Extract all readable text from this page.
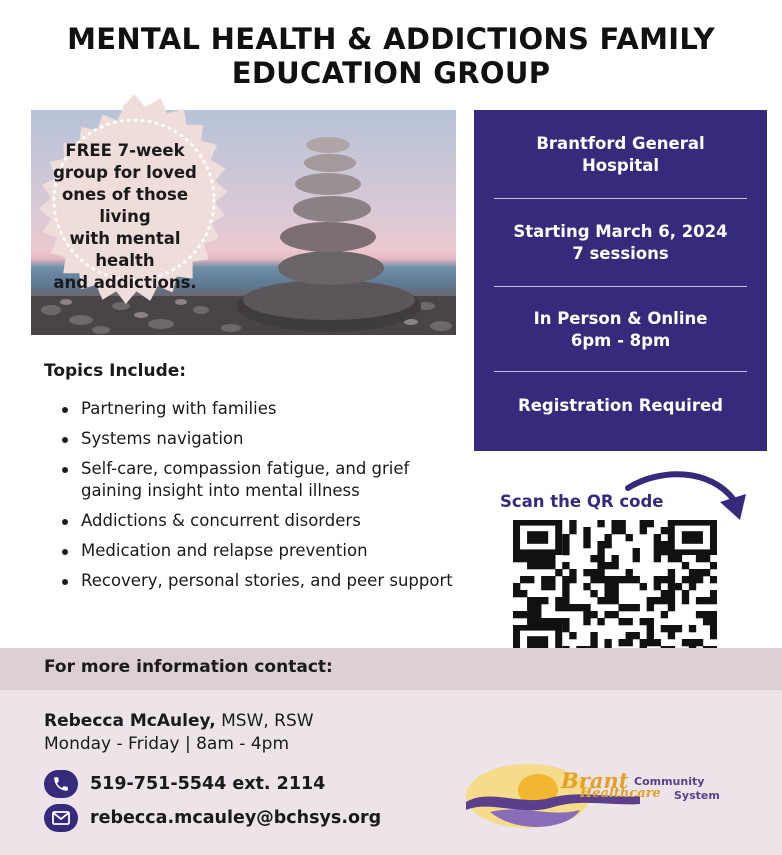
MENTAL HEALTH & ADDICTIONS FAMILY
EDUCATION GROUP
FREE 7-week
group for loved
ones of those living
with mental health
and addictions.
Brantford General
Hospital
Starting March 6, 2024
7 sessions
In Person & Online
6pm - 8pm
Registration Required
Topics Include:
Partnering with families
Systems navigation
Self-care, compassion fatigue, and grief gaining insight into mental illness
Addictions & concurrent disorders
Medication and relapse prevention
Recovery, personal stories, and peer support
Scan the QR code
For more information contact:
Rebecca McAuley, MSW, RSW
Monday - Friday | 8am - 4pm
519-751-5544 ext. 2114
rebecca.mcauley@bchsys.org
Brant Community
Healthcare System
